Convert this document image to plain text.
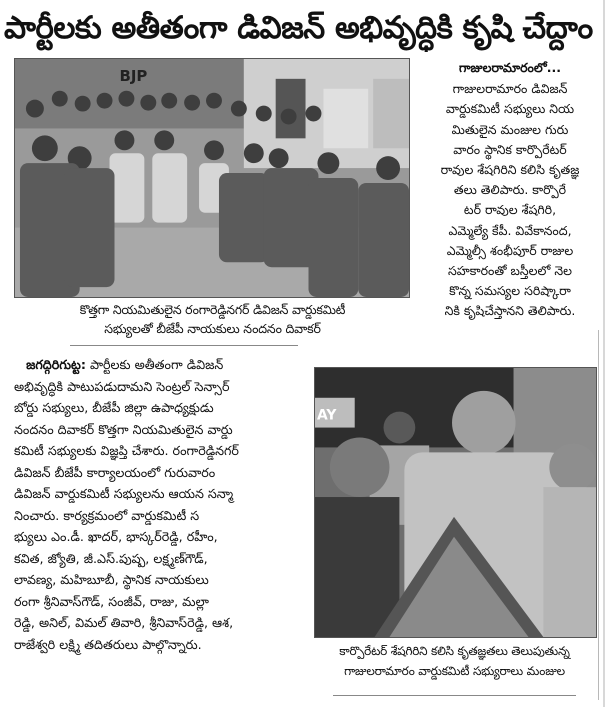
పార్టీలకు అతీతంగా డివిజన్ అభివృద్ధికి కృషి చేద్దాం
BJP
కొత్తగా నియమితులైన రంగారెడ్డినగర్ డివిజన్ వార్డుకమిటీ
సభ్యులతో బీజేపీ నాయకులు నందనం దివాకర్
గాజులరామారంలో...
గాజులరామారం డివిజన్
వార్డుకమిటీ సభ్యులు నియ
మితులైన మంజుల గురు
వారం స్థానిక కార్పొరేటర్
రావుల శేషగిరిని కలిసి కృతజ్ఞ
తలు తెలిపారు. కార్పొరే
టర్ రావుల శేషగిరి,
ఎమ్మెల్యే కేపీ. వివేకానంద,
ఎమ్మెల్సీ శంభీపూర్ రాజుల
సహకారంతో బస్తీలలో నెల
కొన్న సమస్యల సరిష్కారా
నికి కృషిచేస్తానని తెలిపారు.
జగద్గిరిగుట్ట: పార్టీలకు అతీతంగా డివిజన్
అభివృద్ధికి పాటుపడుదామని సెంట్రల్ సెన్సార్
బోర్డు సభ్యులు, బీజేపీ జిల్లా ఉపాధ్యక్షుడు
నందనం దివాకర్ కొత్తగా నియమితులైన వార్డు
కమిటీ సభ్యులకు విజ్ఞప్తి చేశారు. రంగారెడ్డినగర్
డివిజన్ బీజేపీ కార్యాలయంలో గురువారం
డివిజన్ వార్డుకమిటీ సభ్యులను ఆయన సన్మా
నించారు. కార్యక్రమంలో వార్డుకమిటీ స
భ్యులు ఎం.డీ. ఖాదర్, భాస్కర్‌రెడ్డి, రహీం,
కవిత, జ్యోతి, జీ.ఎస్.పుష్ప, లక్ష్మణ్‌గౌడ్,
లావణ్య, మహిబూబీ, స్థానిక నాయకులు
రంగా శ్రీనివాస్‌గౌడ్, సంజీవ్, రాజు, మల్లా
రెడ్డి, అనిల్, విమల్ తివారి, శ్రీనివాస్‌రెడ్డి, ఆశ,
రాజేశ్వరి లక్ష్మి తదితరులు పాల్గొన్నారు.
AY
కార్పొరేటర్ శేషగిరిని కలిసి కృతజ్ఞతలు తెలుపుతున్న
గాజులరామారం వార్డుకమిటీ సభ్యురాలు మంజుల
